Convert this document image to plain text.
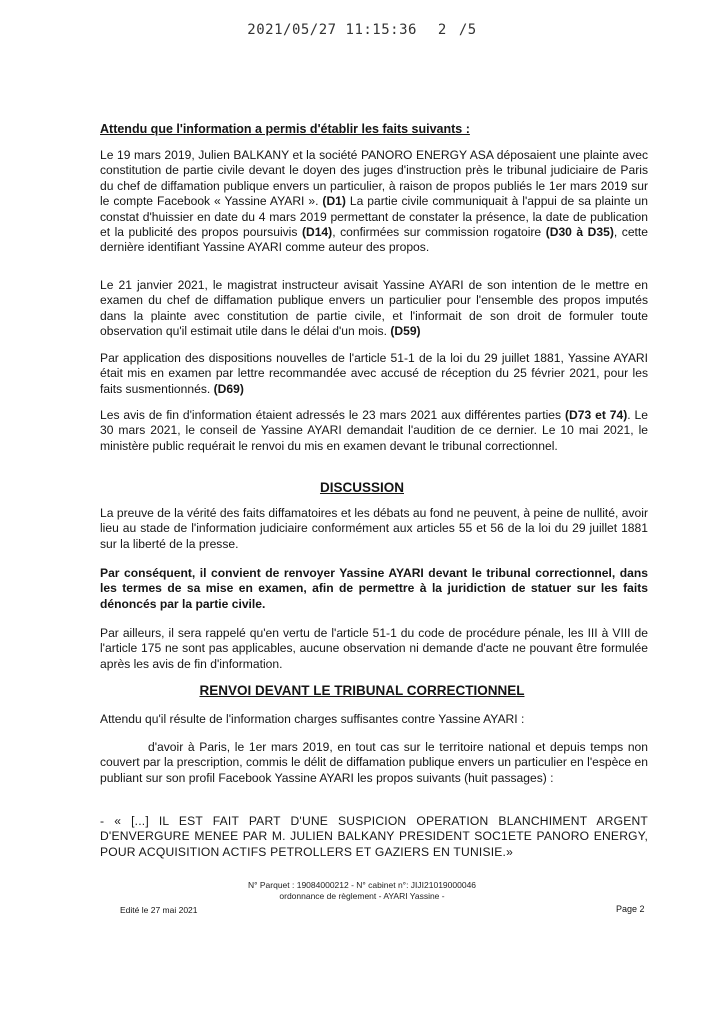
2021/05/27 11:15:36 2 /5
Attendu que l'information a permis d'établir les faits suivants :
Le 19 mars 2019, Julien BALKANY et la société PANORO ENERGY ASA déposaient une plainte avec constitution de partie civile devant le doyen des juges d'instruction près le tribunal judiciaire de Paris du chef de diffamation publique envers un particulier, à raison de propos publiés le 1er mars 2019 sur le compte Facebook « Yassine AYARI ». (D1) La partie civile communiquait à l'appui de sa plainte un constat d'huissier en date du 4 mars 2019 permettant de constater la présence, la date de publication et la publicité des propos poursuivis (D14), confirmées sur commission rogatoire (D30 à D35), cette dernière identifiant Yassine AYARI comme auteur des propos.
Le 21 janvier 2021, le magistrat instructeur avisait Yassine AYARI de son intention de le mettre en examen du chef de diffamation publique envers un particulier pour l'ensemble des propos imputés dans la plainte avec constitution de partie civile, et l'informait de son droit de formuler toute observation qu'il estimait utile dans le délai d'un mois. (D59)
Par application des dispositions nouvelles de l'article 51-1 de la loi du 29 juillet 1881, Yassine AYARI était mis en examen par lettre recommandée avec accusé de réception du 25 février 2021, pour les faits susmentionnés. (D69)
Les avis de fin d'information étaient adressés le 23 mars 2021 aux différentes parties (D73 et 74). Le 30 mars 2021, le conseil de Yassine AYARI demandait l'audition de ce dernier. Le 10 mai 2021, le ministère public requérait le renvoi du mis en examen devant le tribunal correctionnel.
DISCUSSION
La preuve de la vérité des faits diffamatoires et les débats au fond ne peuvent, à peine de nullité, avoir lieu au stade de l'information judiciaire conformément aux articles 55 et 56 de la loi du 29 juillet 1881 sur la liberté de la presse.
Par conséquent, il convient de renvoyer Yassine AYARI devant le tribunal correctionnel, dans les termes de sa mise en examen, afin de permettre à la juridiction de statuer sur les faits dénoncés par la partie civile.
Par ailleurs, il sera rappelé qu'en vertu de l'article 51-1 du code de procédure pénale, les III à VIII de l'article 175 ne sont pas applicables, aucune observation ni demande d'acte ne pouvant être formulée après les avis de fin d'information.
RENVOI DEVANT LE TRIBUNAL CORRECTIONNEL
Attendu qu'il résulte de l'information charges suffisantes contre Yassine AYARI :
d'avoir à Paris, le 1er mars 2019, en tout cas sur le territoire national et depuis temps non couvert par la prescription, commis le délit de diffamation publique envers un particulier en l'espèce en publiant sur son profil Facebook Yassine AYARI les propos suivants (huit passages) :
- « [...] IL EST FAIT PART D'UNE SUSPICION OPERATION BLANCHIMENT ARGENT D'ENVERGURE MENEE PAR M. JULIEN BALKANY PRESIDENT SOC1ETE PANORO ENERGY, POUR ACQUISITION ACTIFS PETROLLERS ET GAZIERS EN TUNISIE.»
N° Parquet : 19084000212 - N° cabinet n°: JIJI21019000046
ordonnance de règlement - AYARI Yassine -
Edité le 27 mai 2021	Page 2
